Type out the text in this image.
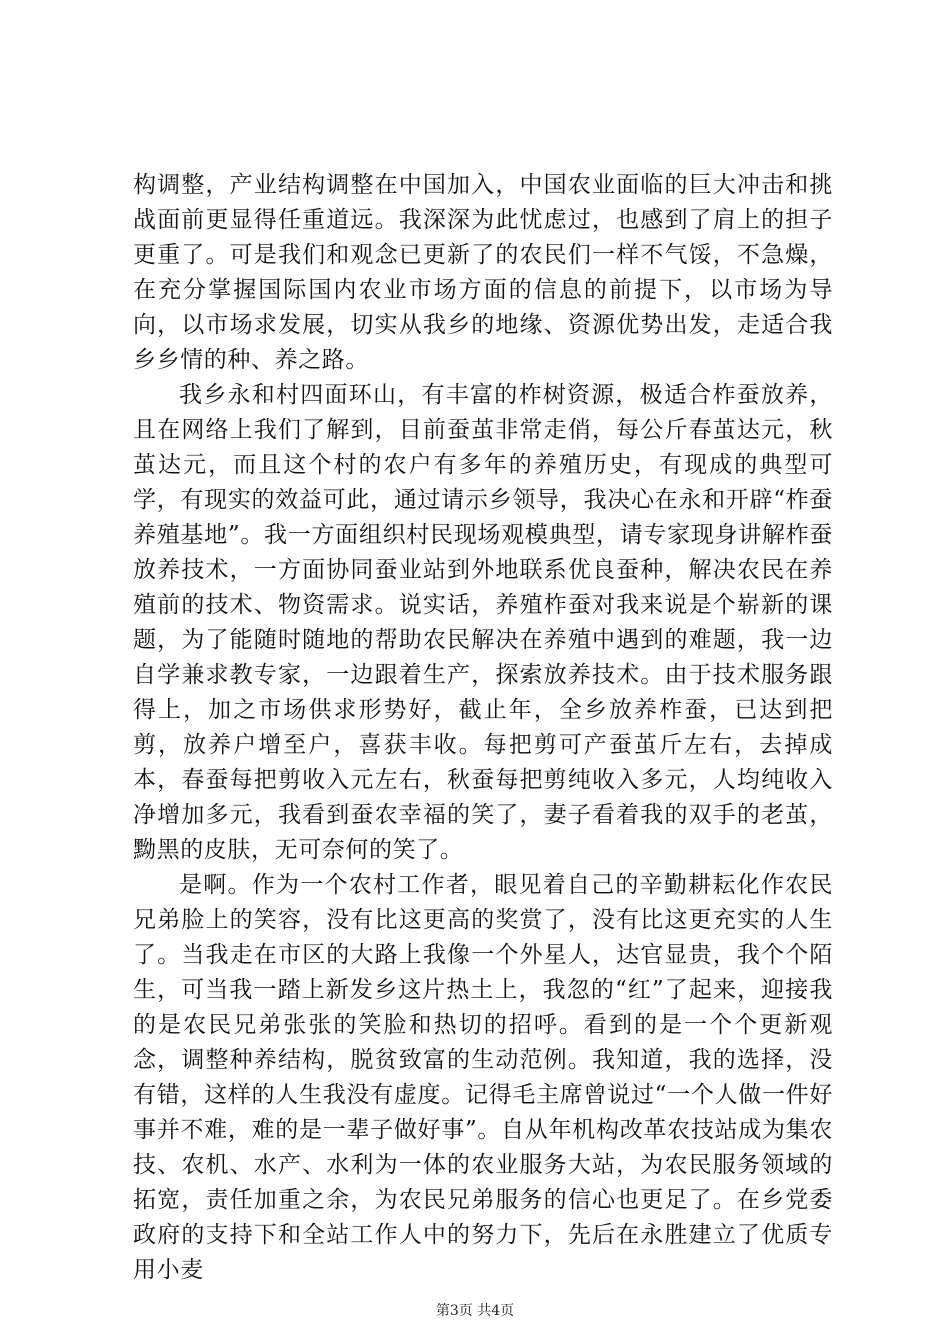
构调整，产业结构调整在中国加入，中国农业面临的巨大冲击和挑战面前更显得任重道远。我深深为此忧虑过，也感到了肩上的担子更重了。可是我们和观念已更新了的农民们一样不气馁，不急燥，在充分掌握国际国内农业市场方面的信息的前提下，以市场为导向，以市场求发展，切实从我乡的地缘、资源优势出发，走适合我乡乡情的种、养之路。

我乡永和村四面环山，有丰富的柞树资源，极适合柞蚕放养，且在网络上我们了解到，目前蚕茧非常走俏，每公斤春茧达元，秋茧达元，而且这个村的农户有多年的养殖历史，有现成的典型可学，有现实的效益可此，通过请示乡领导，我决心在永和开辟“柞蚕养殖基地”。我一方面组织村民现场观模典型，请专家现身讲解柞蚕放养技术，一方面协同蚕业站到外地联系优良蚕种，解决农民在养殖前的技术、物资需求。说实话，养殖柞蚕对我来说是个崭新的课题，为了能随时随地的帮助农民解决在养殖中遇到的难题，我一边自学兼求教专家，一边跟着生产，探索放养技术。由于技术服务跟得上，加之市场供求形势好，截止年，全乡放养柞蚕，已达到把剪，放养户增至户，喜获丰收。每把剪可产蚕茧斤左右，去掉成本，春蚕每把剪收入元左右，秋蚕每把剪纯收入多元，人均纯收入净增加多元，我看到蚕农幸福的笑了，妻子看着我的双手的老茧，黝黑的皮肤，无可奈何的笑了。

是啊。作为一个农村工作者，眼见着自己的辛勤耕耘化作农民兄弟脸上的笑容，没有比这更高的奖赏了，没有比这更充实的人生了。当我走在市区的大路上我像一个外星人，达官显贵，我个个陌生，可当我一踏上新发乡这片热土上，我忽的“红”了起来，迎接我的是农民兄弟张张的笑脸和热切的招呼。看到的是一个个更新观念，调整种养结构，脱贫致富的生动范例。我知道，我的选择，没有错，这样的人生我没有虚度。记得毛主席曾说过“一个人做一件好事并不难，难的是一辈子做好事”。自从年机构改革农技站成为集农技、农机、水产、水利为一体的农业服务大站，为农民服务领域的拓宽，责任加重之余，为农民兄弟服务的信心也更足了。在乡党委政府的支持下和全站工作人中的努力下，先后在永胜建立了优质专用小麦

第3页 共4页
